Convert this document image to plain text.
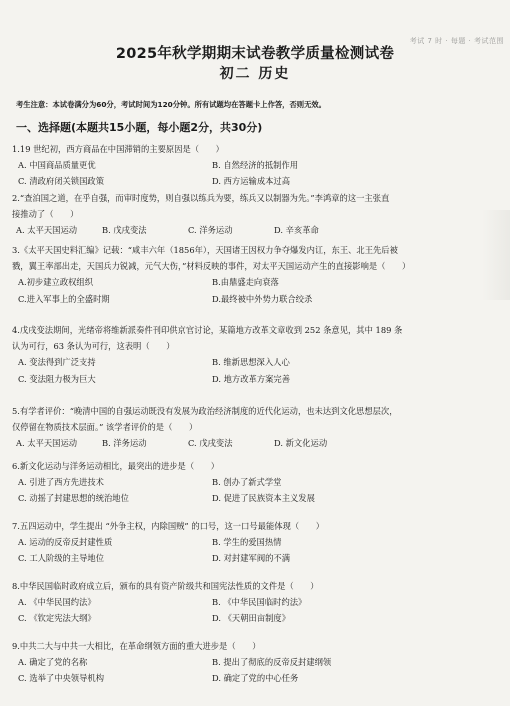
考试 7 时 · 每题 · 考试范围
2025年秋学期期末试卷教学质量检测试卷
初二 历史
考生注意：本试卷满分为60分，考试时间为120分钟。所有试题均在答题卡上作答，否则无效。
一、选择题(本题共15小题，每小题2分，共30分)
1.19 世纪初，西方商品在中国滞销的主要原因是（　　）
A. 中国商品质量更优	B. 自然经济的抵制作用
C. 清政府闭关锁国政策	D. 西方运输成本过高
2.“查泊国之道，在乎自强，而审时度势，则自强以练兵为要，练兵又以制器为先。”李鸿章的这一主张直
接推动了（　　）
A. 太平天国运动	B. 戊戌变法	C. 洋务运动	D. 辛亥革命
3.《太平天国史料汇编》记载：“咸丰六年（1856年），天国诸王因权力争夺爆发内讧，东王、北王先后被
戮，翼王率部出走，天国兵力锐减，元气大伤，”材料反映的事件，对太平天国运动产生的直接影响是（　　）
A.初步建立政权组织	B.由鼎盛走向衰落
C.进入军事上的全盛时期	D.最终被中外势力联合绞杀
4.戊戌变法期间，光绪帝将维新派奏件刊印供京官讨论，某篇地方改革文章收到 252 条意见，其中 189 条
认为可行，63 条认为可行，这表明（　　）
A. 变法得到广泛支持	B. 维新思想深入人心
C. 变法阻力极为巨大	D. 地方改革方案完善
5.有学者评价：“晚清中国的自强运动既没有发展为政治经济制度的近代化运动，也未达到文化思想层次，
仅停留在物质技术层面。” 该学者评价的是（　　）
A. 太平天国运动	B. 洋务运动	C. 戊戌变法	D. 新文化运动
6.新文化运动与洋务运动相比，最突出的进步是（　　）
A. 引进了西方先进技术	B. 创办了新式学堂
C. 动摇了封建思想的统治地位	D. 促进了民族资本主义发展
7.五四运动中，学生提出 “外争主权，内除国贼” 的口号，这一口号最能体现（　　）
A. 运动的反帝反封建性质	B. 学生的爱国热情
C. 工人阶级的主导地位	D. 对封建军阀的不满
8.中华民国临时政府成立后，颁布的具有资产阶级共和国宪法性质的文件是（　　）
A. 《中华民国约法》	B. 《中华民国临时约法》
C. 《钦定宪法大纲》	D. 《天朝田亩制度》
9.中共二大与中共一大相比，在革命纲领方面的重大进步是（　　）
A. 确定了党的名称	B. 提出了彻底的反帝反封建纲领
C. 选举了中央领导机构	D. 确定了党的中心任务
